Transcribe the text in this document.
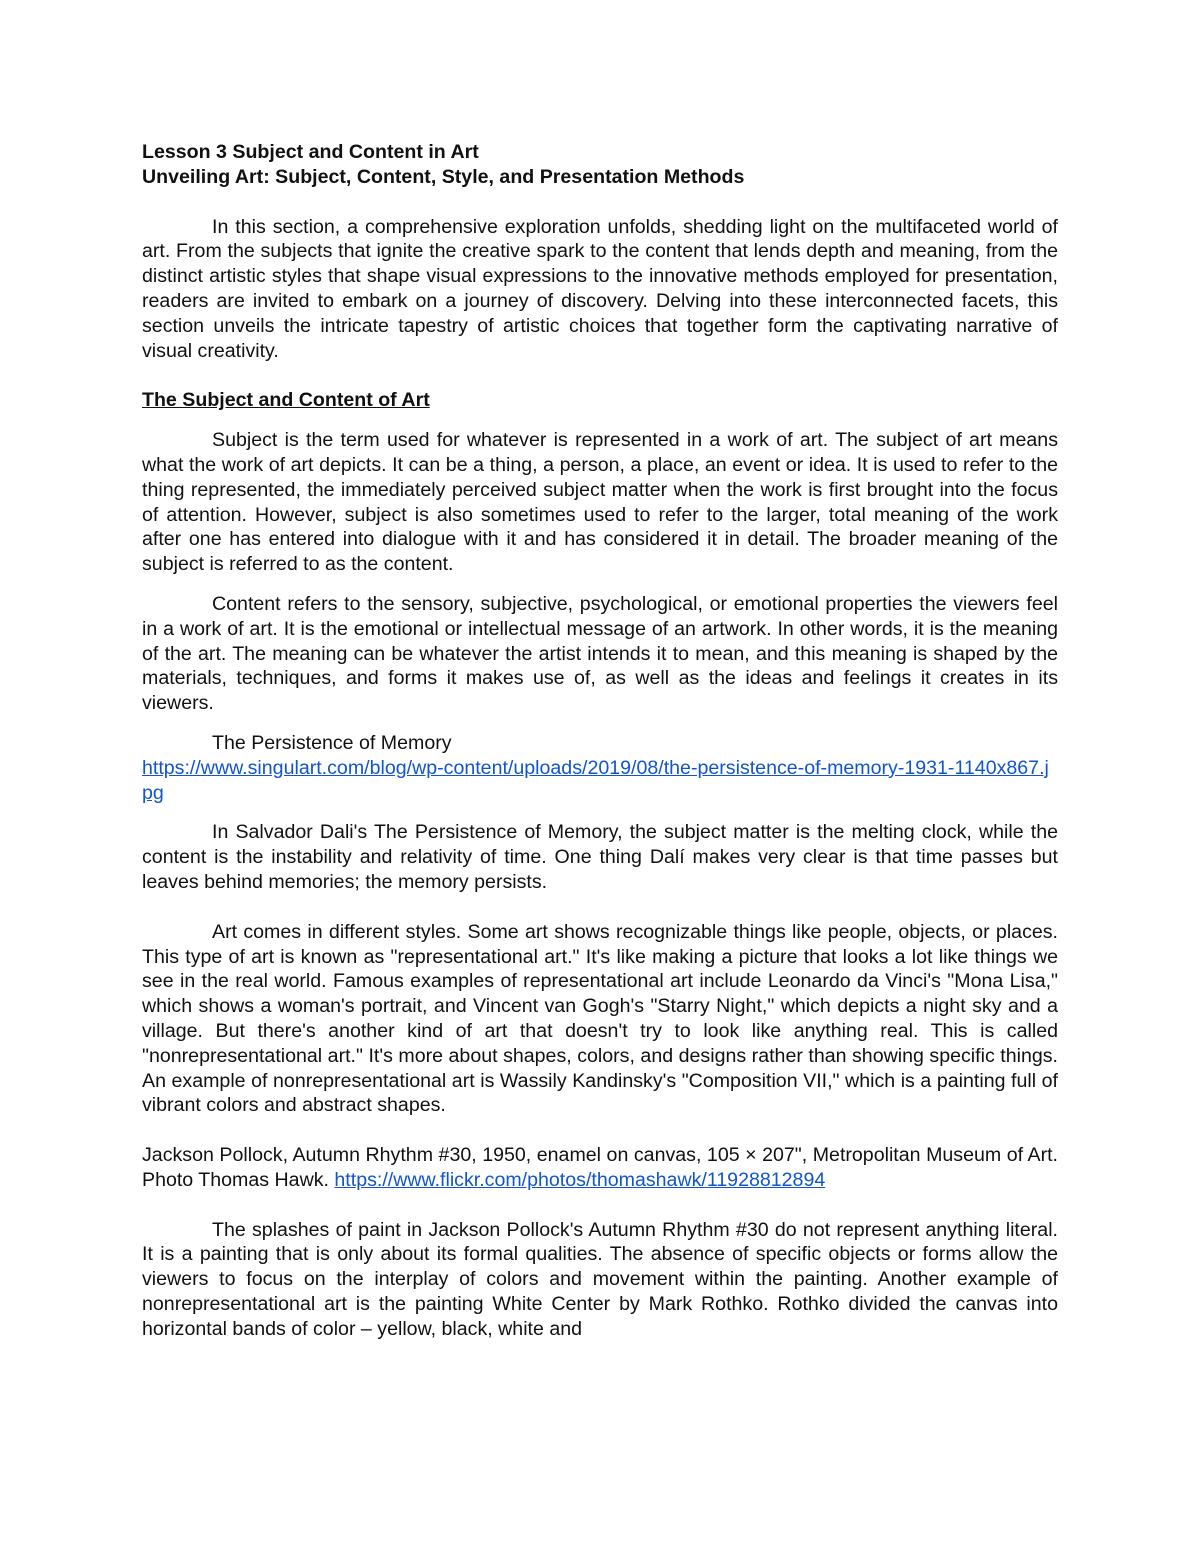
Lesson 3 Subject and Content in Art

Unveiling Art: Subject, Content, Style, and Presentation Methods

In this section, a comprehensive exploration unfolds, shedding light on the multifaceted world of art. From the subjects that ignite the creative spark to the content that lends depth and meaning, from the distinct artistic styles that shape visual expressions to the innovative methods employed for presentation, readers are invited to embark on a journey of discovery. Delving into these interconnected facets, this section unveils the intricate tapestry of artistic choices that together form the captivating narrative of visual creativity.

The Subject and Content of Art

Subject is the term used for whatever is represented in a work of art. The subject of art means what the work of art depicts. It can be a thing, a person, a place, an event or idea. It is used to refer to the thing represented, the immediately perceived subject matter when the work is first brought into the focus of attention. However, subject is also sometimes used to refer to the larger, total meaning of the work after one has entered into dialogue with it and has considered it in detail. The broader meaning of the subject is referred to as the content.

Content refers to the sensory, subjective, psychological, or emotional properties the viewers feel in a work of art. It is the emotional or intellectual message of an artwork. In other words, it is the meaning of the art. The meaning can be whatever the artist intends it to mean, and this meaning is shaped by the materials, techniques, and forms it makes use of, as well as the ideas and feelings it creates in its viewers.

The Persistence of Memory

https://www.singulart.com/blog/wp-content/uploads/2019/08/the-persistence-of-memory-1931-1140x867.jpg

In Salvador Dali's The Persistence of Memory, the subject matter is the melting clock, while the content is the instability and relativity of time. One thing Dalí makes very clear is that time passes but leaves behind memories; the memory persists.

Art comes in different styles. Some art shows recognizable things like people, objects, or places. This type of art is known as "representational art." It's like making a picture that looks a lot like things we see in the real world. Famous examples of representational art include Leonardo da Vinci's "Mona Lisa," which shows a woman's portrait, and Vincent van Gogh's "Starry Night," which depicts a night sky and a village. But there's another kind of art that doesn't try to look like anything real. This is called "nonrepresentational art." It's more about shapes, colors, and designs rather than showing specific things. An example of nonrepresentational art is Wassily Kandinsky's "Composition VII," which is a painting full of vibrant colors and abstract shapes.

Jackson Pollock, Autumn Rhythm #30, 1950, enamel on canvas, 105 × 207", Metropolitan Museum of Art. Photo Thomas Hawk. https://www.flickr.com/photos/thomashawk/11928812894

The splashes of paint in Jackson Pollock's Autumn Rhythm #30 do not represent anything literal. It is a painting that is only about its formal qualities. The absence of specific objects or forms allow the viewers to focus on the interplay of colors and movement within the painting. Another example of nonrepresentational art is the painting White Center by Mark Rothko. Rothko divided the canvas into horizontal bands of color – yellow, black, white and
